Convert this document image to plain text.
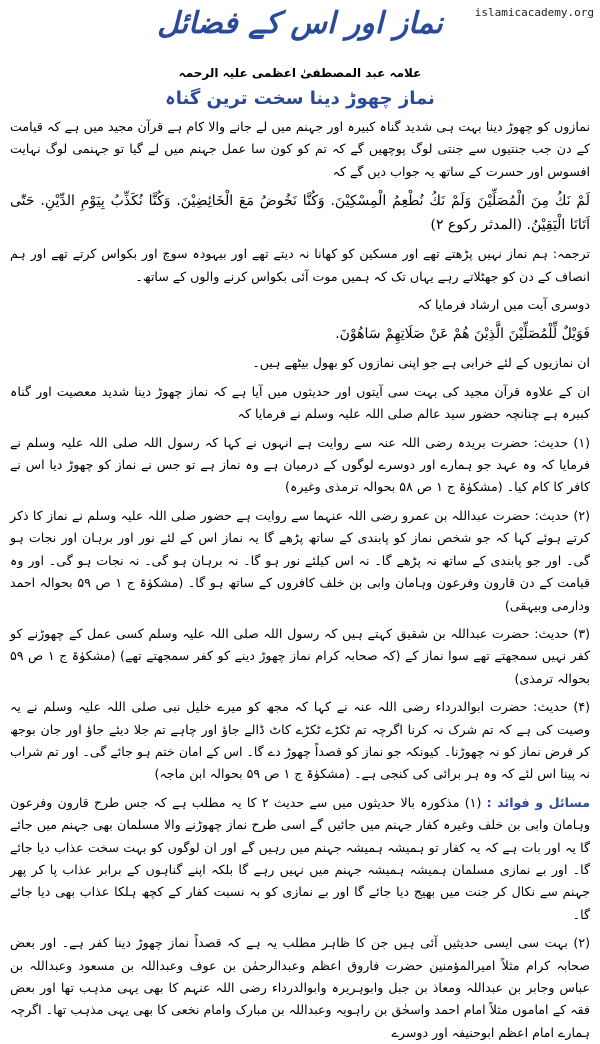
islamicacademy.org
نماز اور اس کے فضائل
علامہ عبد المصطفیٰ اعظمی علیہ الرحمہ
نماز چھوڑ دینا سخت ترین گناہ

نمازوں کو چھوڑ دینا بہت ہی شدید گناہ کبیرہ اور جہنم میں لے جانے والا کام ہے قرآن مجید میں ہے کہ قیامت کے دن جب جنتیوں سے جنتی لوگ پوچھیں گے کہ تم کو کون سا عمل جہنم میں لے گیا تو جہنمی لوگ نہایت افسوس اور حسرت کے ساتھ یہ جواب دیں گے کہ

لَمْ نَكُ مِنَ الْمُصَلِّيْنَ وَلَمْ نَكُ نُطْعِمُ الْمِسْكِيْنَ. وَكُنَّا نَخُوضُ مَعَ الْخَائِضِيْنَ. وَكُنَّا نُكَذِّبُ بِيَوْمِ الدِّيْنِ. حَتّٰى اَتَانَا الْيَقِيْنُ. (المدثر رکوع ۲)

ترجمہ: ہم نماز نہیں پڑھتے تھے اور مسکین کو کھانا نہ دیتے تھے اور بیہودہ سوچ اور بکواس کرتے تھے اور ہم انصاف کے دن کو جھٹلاتے رہے یہاں تک کہ ہمیں موت آئی بکواس کرنے والوں کے ساتھ۔

دوسری آیت میں ارشاد فرمایا کہ

فَوَيْلٌ لِّلْمُصَلِّيْنَ الَّذِيْنَ هُمْ عَنْ صَلَاتِهِمْ سَاهُوْنَ.

ان نمازیوں کے لئے خرابی ہے جو اپنی نمازوں کو بھول بیٹھے ہیں۔

ان کے علاوہ قرآن مجید کی بہت سی آیتوں اور حدیثوں میں آیا ہے کہ نماز چھوڑ دینا شدید معصیت اور گناہ کبیرہ ہے چنانچہ حضور سید عالم صلی اللہ علیہ وسلم نے فرمایا کہ

(۱) حدیث: حضرت بریدہ رضی اللہ عنہ سے روایت ہے انہوں نے کہا کہ رسول اللہ صلی اللہ علیہ وسلم نے فرمایا کہ وہ عہد جو ہمارے اور دوسرے لوگوں کے درمیان ہے وہ نماز ہے تو جس نے نماز کو چھوڑ دیا اس نے کافر کا کام کیا۔ (مشکوٰۃ ج ۱ ص ۵۸ بحوالہ ترمذی وغیرہ)

(۲) حدیث: حضرت عبداللہ بن عمرو رضی اللہ عنہما سے روایت ہے حضور صلی اللہ علیہ وسلم نے نماز کا ذکر کرتے ہوئے کہا کہ جو شخص نماز کو پابندی کے ساتھ پڑھے گا یہ نماز اس کے لئے نور اور برہان اور نجات ہو گی۔ اور جو پابندی کے ساتھ نہ پڑھے گا۔ نہ اس کیلئے نور ہو گا۔ نہ برہان ہو گی۔ نہ نجات ہو گی۔ اور وہ قیامت کے دن قارون وفرعون وہامان وابی بن خلف کافروں کے ساتھ ہو گا۔ (مشکوٰۃ ج ۱ ص ۵۹ بحوالہ احمد ودارمی وبیہقی)

(۳) حدیث: حضرت عبداللہ بن شقیق کہتے ہیں کہ رسول اللہ صلی اللہ علیہ وسلم کسی عمل کے چھوڑنے کو کفر نہیں سمجھتے تھے سوا نماز کے (کہ صحابہ کرام نماز چھوڑ دینے کو کفر سمجھتے تھے) (مشکوٰۃ ج ۱ ص ۵۹ بحوالہ ترمذی)

(۴) حدیث: حضرت ابوالدرداء رضی اللہ عنہ نے کہا کہ مجھ کو میرے خلیل نبی صلی اللہ علیہ وسلم نے یہ وصیت کی ہے کہ تم شرک نہ کرنا اگرچہ تم ٹکڑے ٹکڑے کاٹ ڈالے جاؤ اور چاہے تم جلا دیئے جاؤ اور جان بوجھ کر فرض نماز کو نہ چھوڑنا۔ کیونکہ جو نماز کو قصداً چھوڑ دے گا۔ اس کے امان ختم ہو جائے گی۔ اور تم شراب نہ پینا اس لئے کہ وہ ہر برائی کی کنجی ہے۔ (مشکوٰۃ ج ۱ ص ۵۹ بحوالہ ابن ماجہ)

مسائل و فوائد : (۱) مذکورہ بالا حدیثوں میں سے حدیث ۲ کا یہ مطلب ہے کہ جس طرح قارون وفرعون وہامان وابی بن خلف وغیرہ کفار جہنم میں جائیں گے اسی طرح نماز چھوڑنے والا مسلمان بھی جہنم میں جائے گا یہ اور بات ہے کہ یہ کفار تو ہمیشہ ہمیشہ جہنم میں رہیں گے اور ان لوگوں کو بہت سخت عذاب دیا جائے گا۔ اور بے نمازی مسلمان ہمیشہ ہمیشہ جہنم میں نہیں رہے گا بلکہ اپنے گناہوں کے برابر عذاب پا کر پھر جہنم سے نکال کر جنت میں بھیج دیا جائے گا اور بے نمازی کو بہ نسبت کفار کے کچھ ہلکا عذاب بھی دیا جائے گا۔

(۲) بہت سی ایسی حدیثیں آئی ہیں جن کا ظاہر مطلب یہ ہے کہ قصداً نماز چھوڑ دینا کفر ہے۔ اور بعض صحابہ کرام مثلاً امیرالمؤمنین حضرت فاروق اعظم وعبدالرحمٰن بن عوف وعبداللہ بن مسعود وعبداللہ بن عباس وجابر بن عبداللہ ومعاذ بن جبل وابوہریرہ وابوالدرداء رضی اللہ عنہم کا بھی یہی مذہب تھا اور بعض فقہ کے اماموں مثلاً امام احمد واسحٰق بن راہویہ وعبداللہ بن مبارک وامام نخعی کا بھی یہی مذہب تھا۔ اگرچہ ہمارے امام اعظم ابوحنیفہ اور دوسرے
